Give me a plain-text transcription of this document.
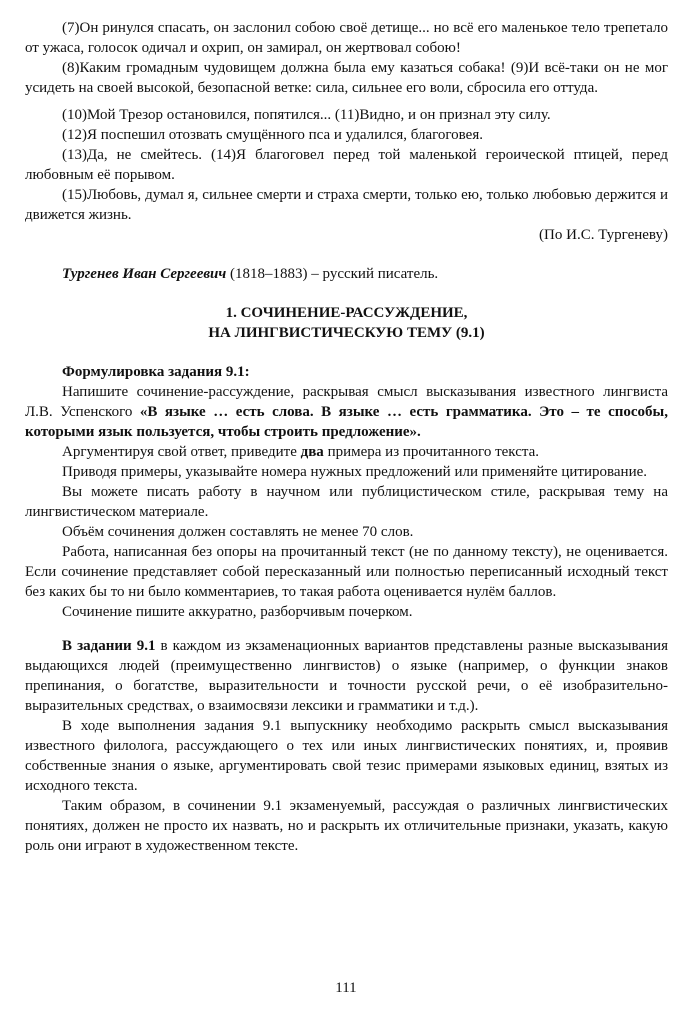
(7)Он ринулся спасать, он заслонил собою своё детище... но всё его маленькое тело трепетало от ужаса, голосок одичал и охрип, он замирал, он жертвовал собою!

(8)Каким громадным чудовищем должна была ему казаться собака! (9)И всё-таки он не мог усидеть на своей высокой, безопасной ветке: сила, сильнее его воли, сбросила его оттуда.

(10)Мой Трезор остановился, попятился... (11)Видно, и он признал эту силу.

(12)Я поспешил отозвать смущённого пса и удалился, благоговея.

(13)Да, не смейтесь. (14)Я благоговел перед той маленькой героической птицей, перед любовным её порывом.

(15)Любовь, думал я, сильнее смерти и страха смерти, только ею, только любовью держится и движется жизнь.

(По И.С. Тургеневу)

Тургенев Иван Сергеевич (1818–1883) – русский писатель.

1. СОЧИНЕНИЕ-РАССУЖДЕНИЕ,

НА ЛИНГВИСТИЧЕСКУЮ ТЕМУ (9.1)

Формулировка задания 9.1:

Напишите сочинение-рассуждение, раскрывая смысл высказывания известного лингвиста Л.В. Успенского «В языке … есть слова. В языке … есть грамматика. Это – те способы, которыми язык пользуется, чтобы строить предложение».

Аргументируя свой ответ, приведите два примера из прочитанного текста.

Приводя примеры, указывайте номера нужных предложений или применяйте цитирование.

Вы можете писать работу в научном или публицистическом стиле, раскрывая тему на лингвистическом материале.

Объём сочинения должен составлять не менее 70 слов.

Работа, написанная без опоры на прочитанный текст (не по данному тексту), не оценивается. Если сочинение представляет собой пересказанный или полностью переписанный исходный текст без каких бы то ни было комментариев, то такая работа оценивается нулём баллов.

Сочинение пишите аккуратно, разборчивым почерком.

В задании 9.1 в каждом из экзаменационных вариантов представлены разные высказывания выдающихся людей (преимущественно лингвистов) о языке (например, о функции знаков препинания, о богатстве, выразительности и точности русской речи, о её изобразительно-выразительных средствах, о взаимосвязи лексики и грамматики и т.д.).

В ходе выполнения задания 9.1 выпускнику необходимо раскрыть смысл высказывания известного филолога, рассуждающего о тех или иных лингвистических понятиях, и, проявив собственные знания о языке, аргументировать свой тезис примерами языковых единиц, взятых из исходного текста.

Таким образом, в сочинении 9.1 экзаменуемый, рассуждая о различных лингвистических понятиях, должен не просто их назвать, но и раскрыть их отличительные признаки, указать, какую роль они играют в художественном тексте.

111
